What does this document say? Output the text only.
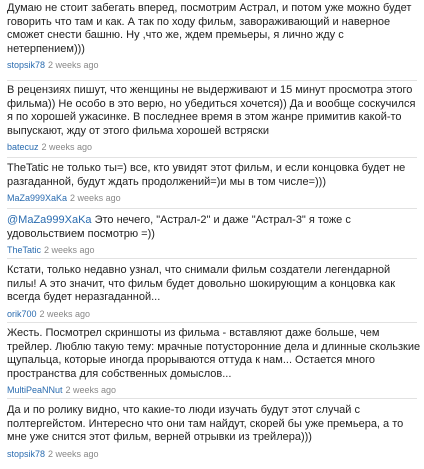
Думаю не стоит забегать вперед, посмотрим Астрал, и потом уже можно будет говорить что там и как. А так по ходу фильм, завораживающий и наверное сможет снести башню. Ну ,что же, ждем премьеры, я лично жду с нетерпением)))

stopsik78 2 weeks ago

В рецензиях пишут, что женщины не выдерживают и 15 минут просмотра этого фильма)) Не особо в это верю, но убедиться хочется)) Да и вообще соскучился я по хорошей ужасинке. В последнее время в этом жанре примитив какой-то выпускают, жду от этого фильма хорошей встряски

batecuz 2 weeks ago

TheTatic не только ты=) все, кто увидят этот фильм, и если концовка будет не разгаданной, будут ждать продолжений=)и мы в том числе=)))

MaZa999XaKa 2 weeks ago

@MaZa999XaKa Это нечего, "Астрал-2" и даже "Астрал-3" я тоже с удовольствием посмотрю =))

TheTatic 2 weeks ago

Кстати, только недавно узнал, что снимали фильм создатели легендарной пилы! А это значит, что фильм будет довольно шокирующим а концовка как всегда будет неразгаданной...

orik700 2 weeks ago

Жесть. Посмотрел скриншоты из фильма - вставляют даже больше, чем трейлер. Люблю такую тему: мрачные потусторонние дела и длинные скользкие щупальца, которые иногда прорываются оттуда к нам... Остается много пространства для собственных домыслов...

MultiPeaNNut 2 weeks ago

Да и по ролику видно, что какие-то люди изучать будут этот случай с полтергейстом. Интересно что они там найдут, скорей бы уже премьера, а то мне уже снится этот фильм, верней отрывки из трейлера)))

stopsik78 2 weeks ago
